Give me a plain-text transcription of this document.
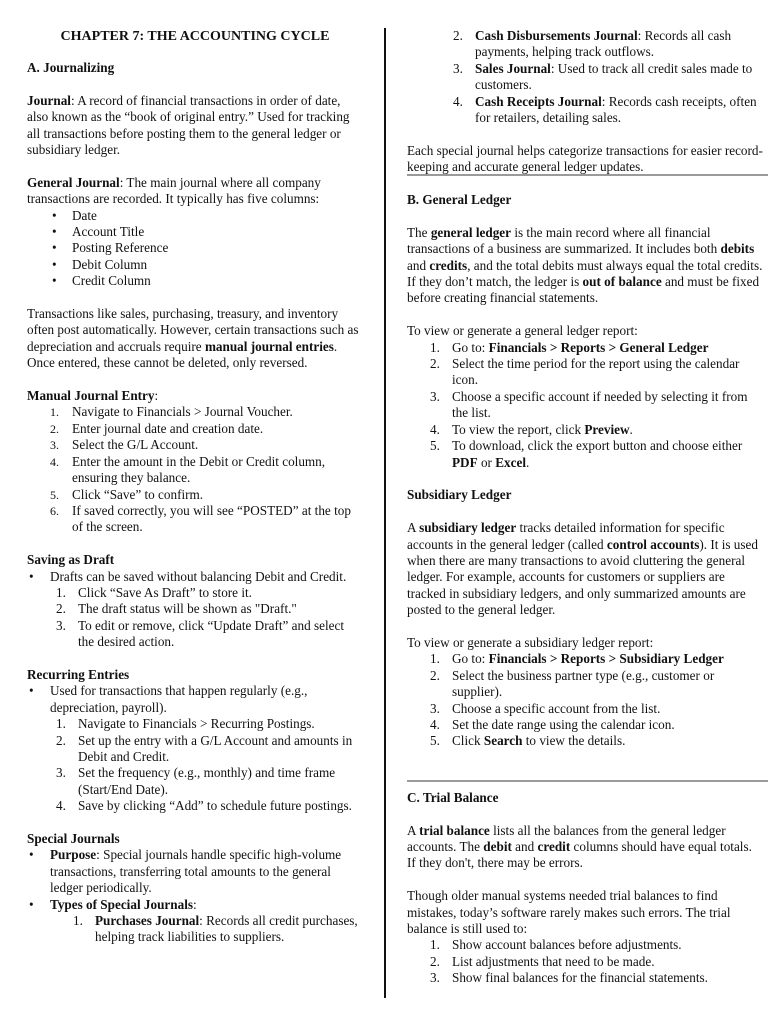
CHAPTER 7: THE ACCOUNTING CYCLE

A. Journalizing

Journal: A record of financial transactions in order of date, also known as the “book of original entry.” Used for tracking all transactions before posting them to the general ledger or subsidiary ledger.

General Journal: The main journal where all company transactions are recorded. It typically has five columns:

• Date
• Account Title
• Posting Reference
• Debit Column
• Credit Column

Transactions like sales, purchasing, treasury, and inventory often post automatically. However, certain transactions such as depreciation and accruals require manual journal entries. Once entered, these cannot be deleted, only reversed.

Manual Journal Entry:

1. Navigate to Financials > Journal Voucher.
2. Enter journal date and creation date.
3. Select the G/L Account.
4. Enter the amount in the Debit or Credit column, ensuring they balance.
5. Click “Save” to confirm.
6. If saved correctly, you will see “POSTED” at the top of the screen.

Saving as Draft

• Drafts can be saved without balancing Debit and Credit.
1. Click “Save As Draft” to store it.
2. The draft status will be shown as "Draft."
3. To edit or remove, click “Update Draft” and select the desired action.

Recurring Entries

• Used for transactions that happen regularly (e.g., depreciation, payroll).
1. Navigate to Financials > Recurring Postings.
2. Set up the entry with a G/L Account and amounts in Debit and Credit.
3. Set the frequency (e.g., monthly) and time frame (Start/End Date).
4. Save by clicking “Add” to schedule future postings.

Special Journals

• Purpose: Special journals handle specific high-volume transactions, transferring total amounts to the general ledger periodically.
• Types of Special Journals:
1. Purchases Journal: Records all credit purchases, helping track liabilities to suppliers.
2. Cash Disbursements Journal: Records all cash payments, helping track outflows.
3. Sales Journal: Used to track all credit sales made to customers.
4. Cash Receipts Journal: Records cash receipts, often for retailers, detailing sales.

Each special journal helps categorize transactions for easier record-keeping and accurate general ledger updates.

B. General Ledger

The general ledger is the main record where all financial transactions of a business are summarized. It includes both debits and credits, and the total debits must always equal the total credits. If they don’t match, the ledger is out of balance and must be fixed before creating financial statements.

To view or generate a general ledger report:

1. Go to: Financials > Reports > General Ledger
2. Select the time period for the report using the calendar icon.
3. Choose a specific account if needed by selecting it from the list.
4. To view the report, click Preview.
5. To download, click the export button and choose either PDF or Excel.

Subsidiary Ledger

A subsidiary ledger tracks detailed information for specific accounts in the general ledger (called control accounts). It is used when there are many transactions to avoid cluttering the general ledger. For example, accounts for customers or suppliers are tracked in subsidiary ledgers, and only summarized amounts are posted to the general ledger.

To view or generate a subsidiary ledger report:

1. Go to: Financials > Reports > Subsidiary Ledger
2. Select the business partner type (e.g., customer or supplier).
3. Choose a specific account from the list.
4. Set the date range using the calendar icon.
5. Click Search to view the details.

C. Trial Balance

A trial balance lists all the balances from the general ledger accounts. The debit and credit columns should have equal totals. If they don't, there may be errors.

Though older manual systems needed trial balances to find mistakes, today’s software rarely makes such errors. The trial balance is still used to:

1. Show account balances before adjustments.
2. List adjustments that need to be made.
3. Show final balances for the financial statements.
